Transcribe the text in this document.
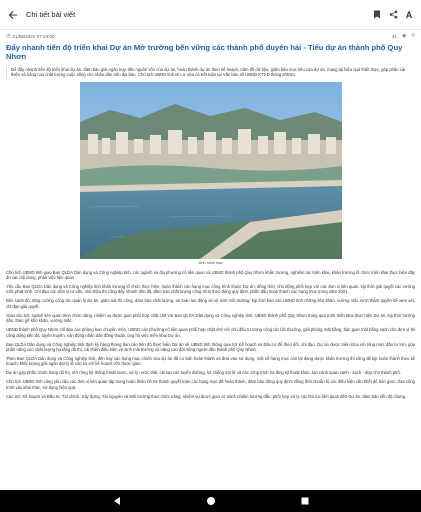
Chi tiết bài viết	A
◷ 21/06/2021 07:24:00	41 ◉ ⚲
Đẩy nhanh tiến độ triển khai Dự án Mở trường bến vững các thành phố duyên hải - Tiểu dự án thành phố Quy Nhơn
Để đẩy nhanh tiến độ triển khai dự án, đảm bảo giải ngân hợp tiến nguồn vốn của dự án, hoàn thành dự án theo kế hoạch, năm đồ dữ liệu, giảm bảo mục tiêu của dự án, mang lại hiệu quả thiết thực, góp phần cải thiện và nâng cao chất lượng cuộc sống cho nhân dân trên địa bàn. Chủ tịch UBND tỉnh Bì Lư vừa có Kết luận tại Văn bản số UBND-KTXD tháng 6/2021.
Ảnh minh họa

Chủ tịch UBND tỉnh giao Ban QLDA Dân dụng và Công nghiệp tỉnh, các ngành và địa phương có liên quan và UBND thành phố Quy Nhơn khẩn trương, nghiêm túc triển khai, khẩn trương tổ chức triển khai thực hiện đầy đủ các nội dung, phân việc liên quan.

Yêu cầu Ban QLDA Dân dụng và Công nghiệp tỉnh khẩn trương tổ chức thực hiện, hoàn thành các hạng mục công trình thuộc Dự án; đồng thời, chủ động phối hợp với các đơn vị liên quan, kịp thời giải quyết các vướng mắc phát sinh. Chỉ đạo các đơn vị tư vấn, nhà thầu thi công đẩy nhanh tiến độ, đảm bảo chất lượng công trình theo đúng quy định, phấn đấu hoàn thành các hạng mục trong năm 2021.

Bên cạnh đó, tăng cường công tác quản lý dự án, giám sát thi công, đảm bảo chất lượng, an toàn lao động và vệ sinh môi trường; kịp thời báo cáo UBND tỉnh những khó khăn, vướng mắc vượt thẩm quyền để xem xét, chỉ đạo giải quyết.

Giao các Sở, ngành liên quan theo chức năng, nhiệm vụ được giao phối hợp chặt chẽ với Ban QLDA Dân dụng và Công nghiệp tỉnh, UBND thành phố Quy Nhơn trong quá trình triển khai thực hiện Dự án, kịp thời hướng dẫn, tháo gỡ khó khăn, vướng mắc.

UBND thành phố Quy Nhơn chỉ đạo các phòng ban chuyên môn, UBND các phường có liên quan phối hợp chặt chẽ với chủ đầu tư trong công tác bồi thường, giải phóng mặt bằng, bàn giao mặt bằng sạch cho đơn vị thi công đúng tiến độ; tuyên truyền, vận động nhân dân đồng thuận, ủng hộ việc triển khai Dự án.

Ban QLDA Dân dụng và Công nghiệp tỉnh định kỳ hàng tháng báo cáo tiến độ thực hiện Dự án về UBND tỉnh thông qua Sở Kế hoạch và Đầu tư để theo dõi, chỉ đạo. Dự án được triển khai với tổng mức đầu tư lớn, góp phần nâng cao chất lượng hạ tầng đô thị, cải thiện điều kiện vệ sinh môi trường và nâng cao đời sống người dân thành phố Quy Nhơn.

Theo Ban QLDA Dân dụng và Công nghiệp tỉnh, đến nay các hạng mục chính của dự án đã cơ bản hoàn thành và đưa vào sử dụng, một số hạng mục còn lại đang được khẩn trương thi công để kịp hoàn thành theo kế hoạch; khối lượng giải ngân đạt tỷ lệ cao so với kế hoạch vốn được giao.

Dự án góp phần chỉnh trang đô thị, mở rộng hệ thống thoát nước, xử lý nước thải, cải tạo các tuyến đường, kè chống sạt lở và các công trình hạ tầng kỹ thuật khác, tạo cảnh quan xanh - sạch - đẹp cho thành phố.

Chủ tịch UBND tỉnh cũng yêu cầu các đơn vị liên quan tập trung hoàn thiện hồ sơ thanh quyết toán các hạng mục đã hoàn thành, đảm bảo đúng quy định; đồng thời chuẩn bị các điều kiện cần thiết để bàn giao, đưa công trình vào khai thác, sử dụng hiệu quả.

Các Sở: Kế hoạch và Đầu tư, Tài chính, Xây dựng, Tài nguyên và Môi trường theo chức năng, nhiệm vụ được giao có trách nhiệm hướng dẫn, phối hợp xử lý các thủ tục liên quan đến Dự án, đảm bảo tiến độ chung.
